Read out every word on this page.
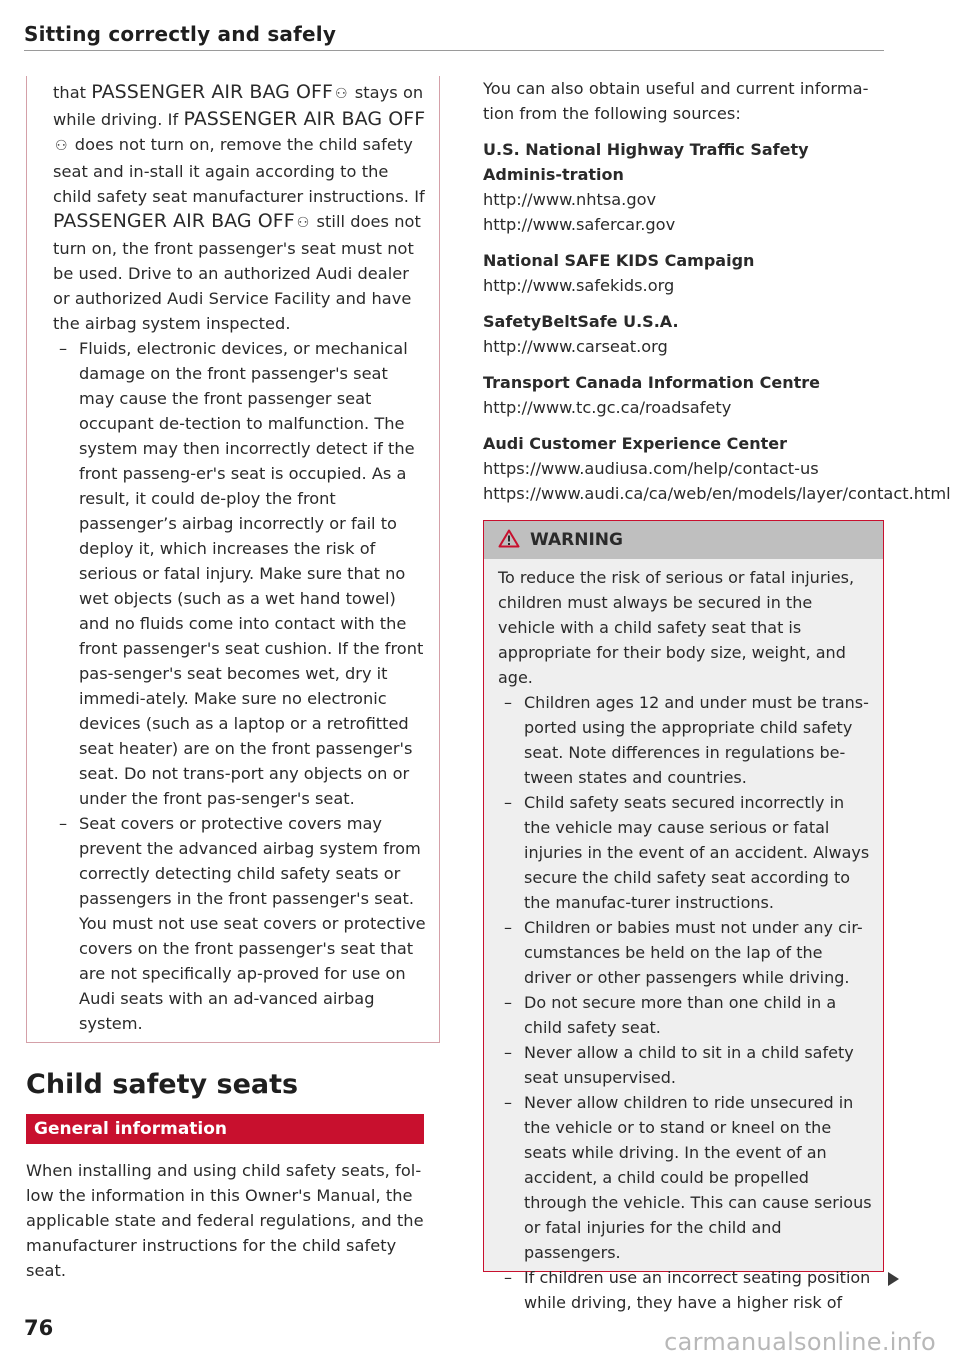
Sitting correctly and safely

that PASSENGER AIR BAG OFF ⚇ stays on while driving. If PASSENGER AIR BAG OFF⚇ does not turn on, remove the child safety seat and in-stall it again according to the child safety seat manufacturer instructions. If PASSENGER AIR BAG OFF ⚇ still does not turn on, the front passenger's seat must not be used. Drive to an authorized Audi dealer or authorized Audi Service Facility and have the airbag system inspected.

– Fluids, electronic devices, or mechanical damage on the front passenger's seat may cause the front passenger seat occupant de-tection to malfunction. The system may then incorrectly detect if the front passeng-er's seat is occupied. As a result, it could de-ploy the front passenger’s airbag incorrectly or fail to deploy it, which increases the risk of serious or fatal injury. Make sure that no wet objects (such as a wet hand towel) and no fluids come into contact with the front passenger's seat cushion. If the front pas-senger's seat becomes wet, dry it immedi-ately. Make sure no electronic devices (such as a laptop or a retrofitted seat heater) are on the front passenger's seat. Do not trans-port any objects on or under the front pas-senger's seat.
– Seat covers or protective covers may prevent the advanced airbag system from correctly detecting child safety seats or passengers in the front passenger's seat. You must not use seat covers or protective covers on the front passenger's seat that are not specifically ap-proved for use on Audi seats with an ad-vanced airbag system.
Child safety seats
General information

When installing and using child safety seats, fol-low the information in this Owner's Manual, the applicable state and federal regulations, and the manufacturer instructions for the child safety seat.

You can also obtain useful and current informa-tion from the following sources:

U.S. National Highway Traffic Safety Adminis-tration

http://www.nhtsa.gov

http://www.safercar.gov

National SAFE KIDS Campaign

http://www.safekids.org

SafetyBeltSafe U.S.A.

http://www.carseat.org

Transport Canada Information Centre

http://www.tc.gc.ca/roadsafety

Audi Customer Experience Center

https://www.audiusa.com/help/contact-us

https://www.audi.ca/ca/web/en/models/layer/contact.html

WARNING

To reduce the risk of serious or fatal injuries, children must always be secured in the vehicle with a child safety seat that is appropriate for their body size, weight, and age.

– Children ages 12 and under must be trans-ported using the appropriate child safety seat. Note differences in regulations be-tween states and countries.
– Child safety seats secured incorrectly in the vehicle may cause serious or fatal injuries in the event of an accident. Always secure the child safety seat according to the manufac-turer instructions.
– Children or babies must not under any cir-cumstances be held on the lap of the driver or other passengers while driving.
– Do not secure more than one child in a child safety seat.
– Never allow a child to sit in a child safety seat unsupervised.
– Never allow children to ride unsecured in the vehicle or to stand or kneel on the seats while driving. In the event of an accident, a child could be propelled through the vehicle. This can cause serious or fatal injuries for the child and passengers.
– If children use an incorrect seating position while driving, they have a higher risk of
76	carmanualsonline.info
